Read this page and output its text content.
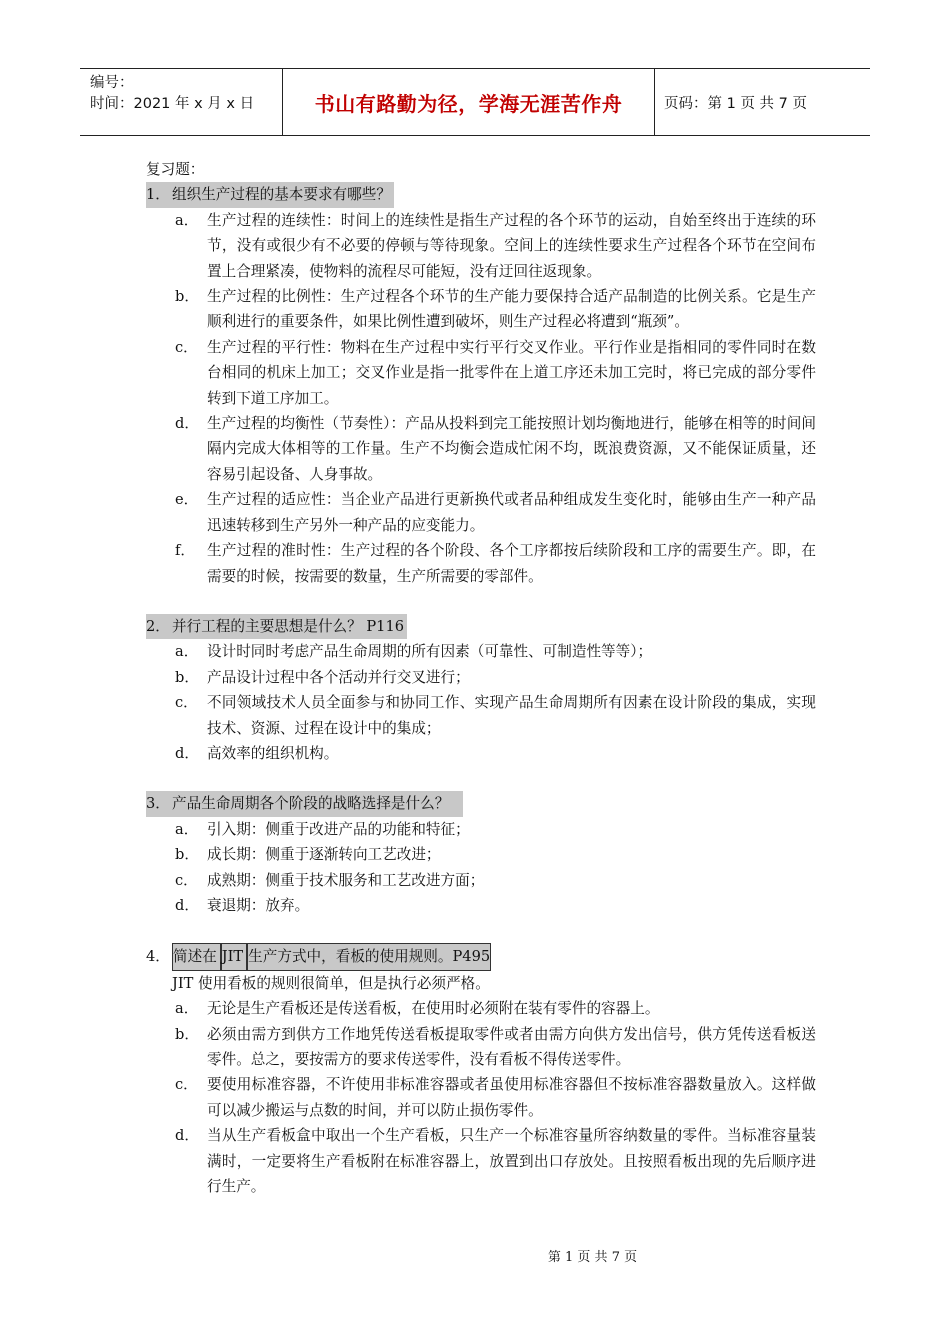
编号：
时间：2021 年 x 月 x 日	书山有路勤为径，学海无涯苦作舟	页码：第 1 页 共 7 页
复习题：
1． 组织生产过程的基本要求有哪些？
a． 生产过程的连续性：时间上的连续性是指生产过程的各个环节的运动，自始至终出于连续的环节，没有或很少有不必要的停顿与等待现象。空间上的连续性要求生产过程各个环节在空间布置上合理紧凑，使物料的流程尽可能短，没有迂回往返现象。
b． 生产过程的比例性：生产过程各个环节的生产能力要保持合适产品制造的比例关系。它是生产顺利进行的重要条件，如果比例性遭到破坏，则生产过程必将遭到“瓶颈”。
c． 生产过程的平行性：物料在生产过程中实行平行交叉作业。平行作业是指相同的零件同时在数台相同的机床上加工；交叉作业是指一批零件在上道工序还未加工完时，将已完成的部分零件转到下道工序加工。
d． 生产过程的均衡性（节奏性）：产品从投料到完工能按照计划均衡地进行，能够在相等的时间间隔内完成大体相等的工作量。生产不均衡会造成忙闲不均，既浪费资源，又不能保证质量，还容易引起设备、人身事故。
e． 生产过程的适应性：当企业产品进行更新换代或者品种组成发生变化时，能够由生产一种产品迅速转移到生产另外一种产品的应变能力。
f． 生产过程的准时性：生产过程的各个阶段、各个工序都按后续阶段和工序的需要生产。即，在需要的时候，按需要的数量，生产所需要的零部件。
2． 并行工程的主要思想是什么？ P116
a． 设计时同时考虑产品生命周期的所有因素（可靠性、可制造性等等）；
b． 产品设计过程中各个活动并行交叉进行；
c． 不同领域技术人员全面参与和协同工作、实现产品生命周期所有因素在设计阶段的集成，实现技术、资源、过程在设计中的集成；
d． 高效率的组织机构。
3． 产品生命周期各个阶段的战略选择是什么？
a． 引入期：侧重于改进产品的功能和特征；
b． 成长期：侧重于逐渐转向工艺改进；
c． 成熟期：侧重于技术服务和工艺改进方面；
d． 衰退期：放弃。
4． 简述在 JIT 生产方式中，看板的使用规则。P495
JIT 使用看板的规则很简单，但是执行必须严格。
a． 无论是生产看板还是传送看板，在使用时必须附在装有零件的容器上。
b． 必须由需方到供方工作地凭传送看板提取零件或者由需方向供方发出信号，供方凭传送看板送零件。总之，要按需方的要求传送零件，没有看板不得传送零件。
c． 要使用标准容器，不许使用非标准容器或者虽使用标准容器但不按标准容器数量放入。这样做可以减少搬运与点数的时间，并可以防止损伤零件。
d． 当从生产看板盒中取出一个生产看板，只生产一个标准容量所容纳数量的零件。当标准容量装满时，一定要将生产看板附在标准容器上，放置到出口存放处。且按照看板出现的先后顺序进行生产。
第 1 页 共 7 页
